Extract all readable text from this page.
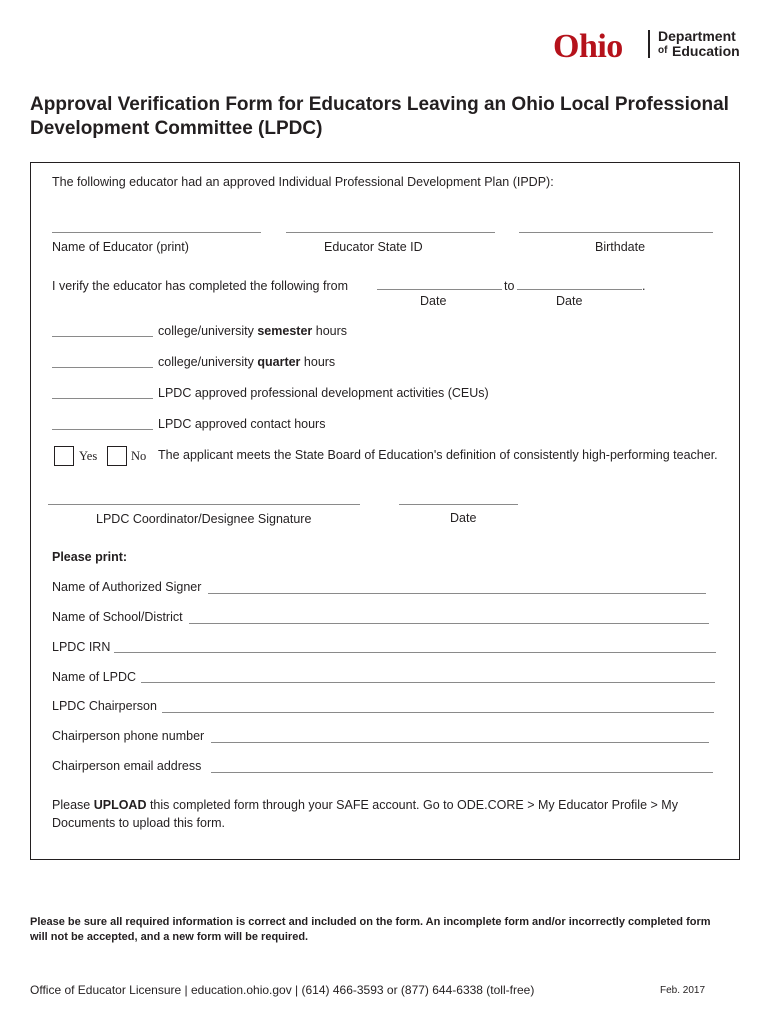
Ohio	Department
of Education
Approval Verification Form for Educators Leaving an Ohio Local Professional Development Committee (LPDC)
The following educator had an approved Individual Professional Development Plan (IPDP):
Name of Educator (print)	Educator State ID	Birthdate
I verify the educator has completed the following from	to	.
Date	Date
college/university semester hours
college/university quarter hours
LPDC approved professional development activities (CEUs)
LPDC approved contact hours
Yes	No The applicant meets the State Board of Education's definition of consistently high-performing teacher.
LPDC Coordinator/Designee Signature	Date
Please print:
Name of Authorized Signer
Name of School/District
LPDC IRN
Name of LPDC
LPDC Chairperson
Chairperson phone number
Chairperson email address
Please UPLOAD this completed form through your SAFE account. Go to ODE.CORE > My Educator Profile > My
Documents to upload this form.
Please be sure all required information is correct and included on the form. An incomplete form and/or incorrectly completed form
will not be accepted, and a new form will be required.
Office of Educator Licensure | education.ohio.gov | (614) 466-3593 or (877) 644-6338 (toll-free)	Feb. 2017
